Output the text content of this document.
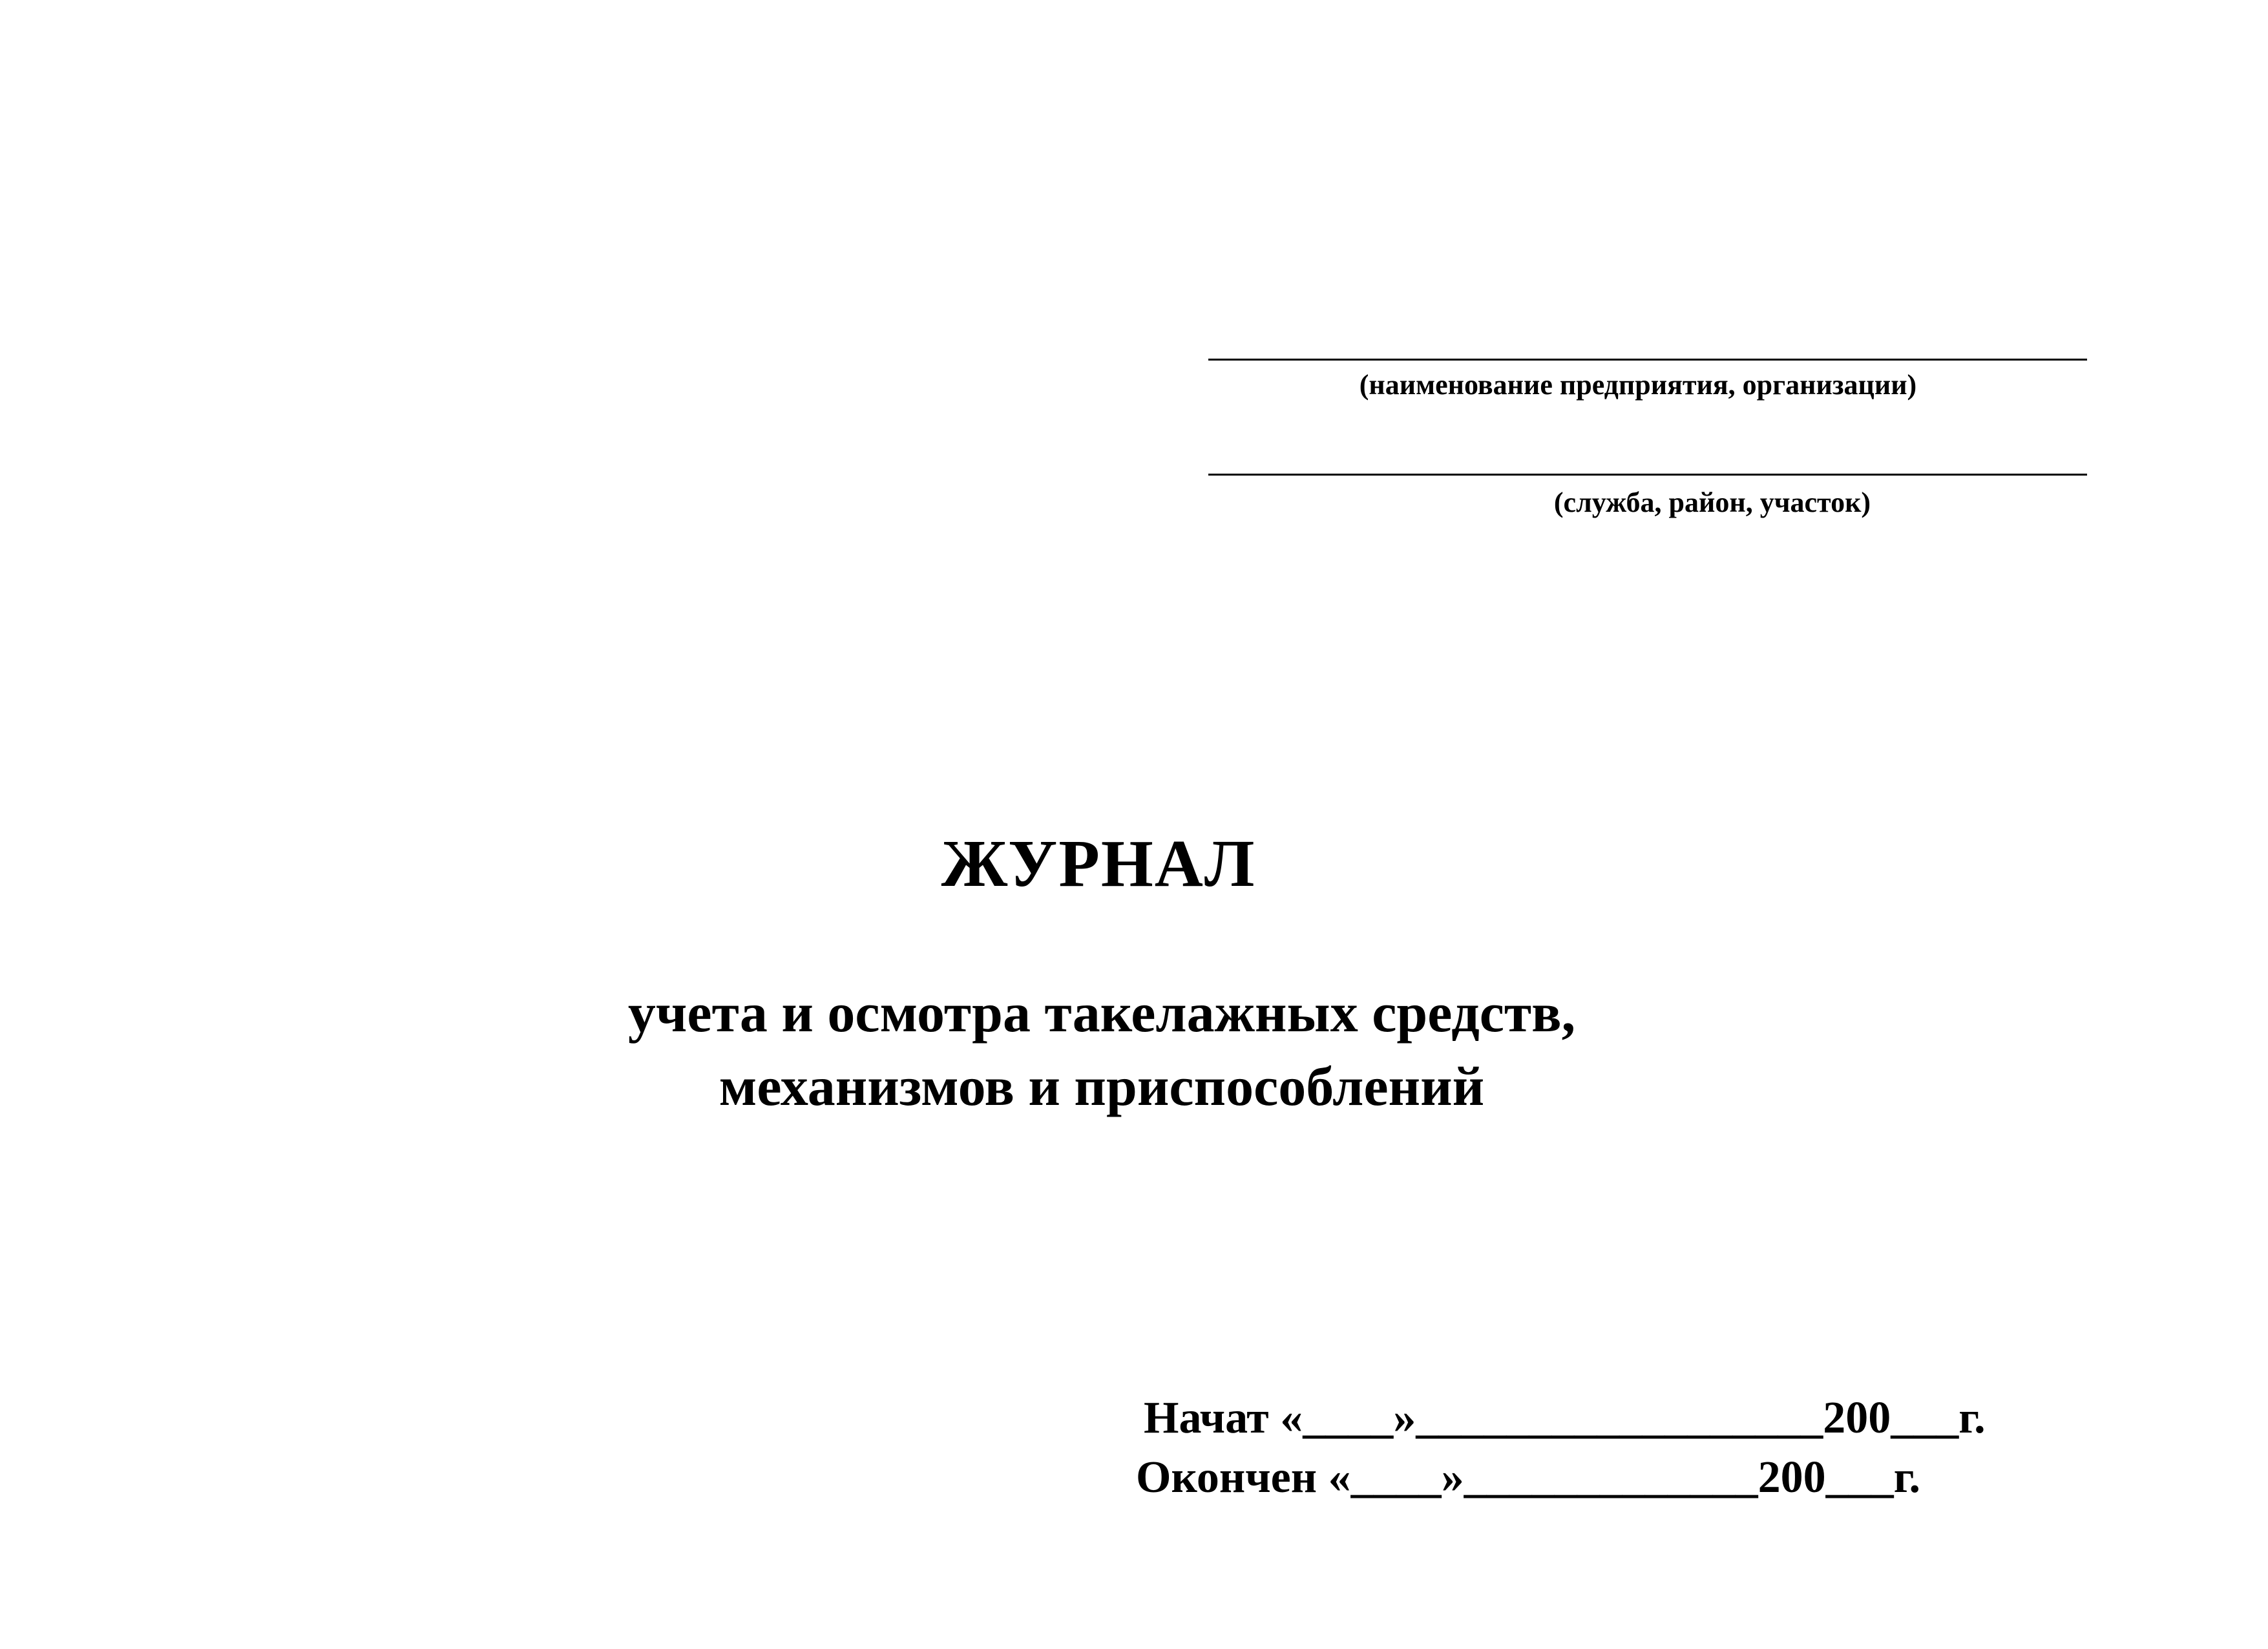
(наименование предприятия, организации)
(служба, район, участок)
ЖУРНАЛ
учета и осмотра такелажных средств,
механизмов и приспособлений
Начат «____»__________________200___г.
Окончен «____»_____________200___г.
